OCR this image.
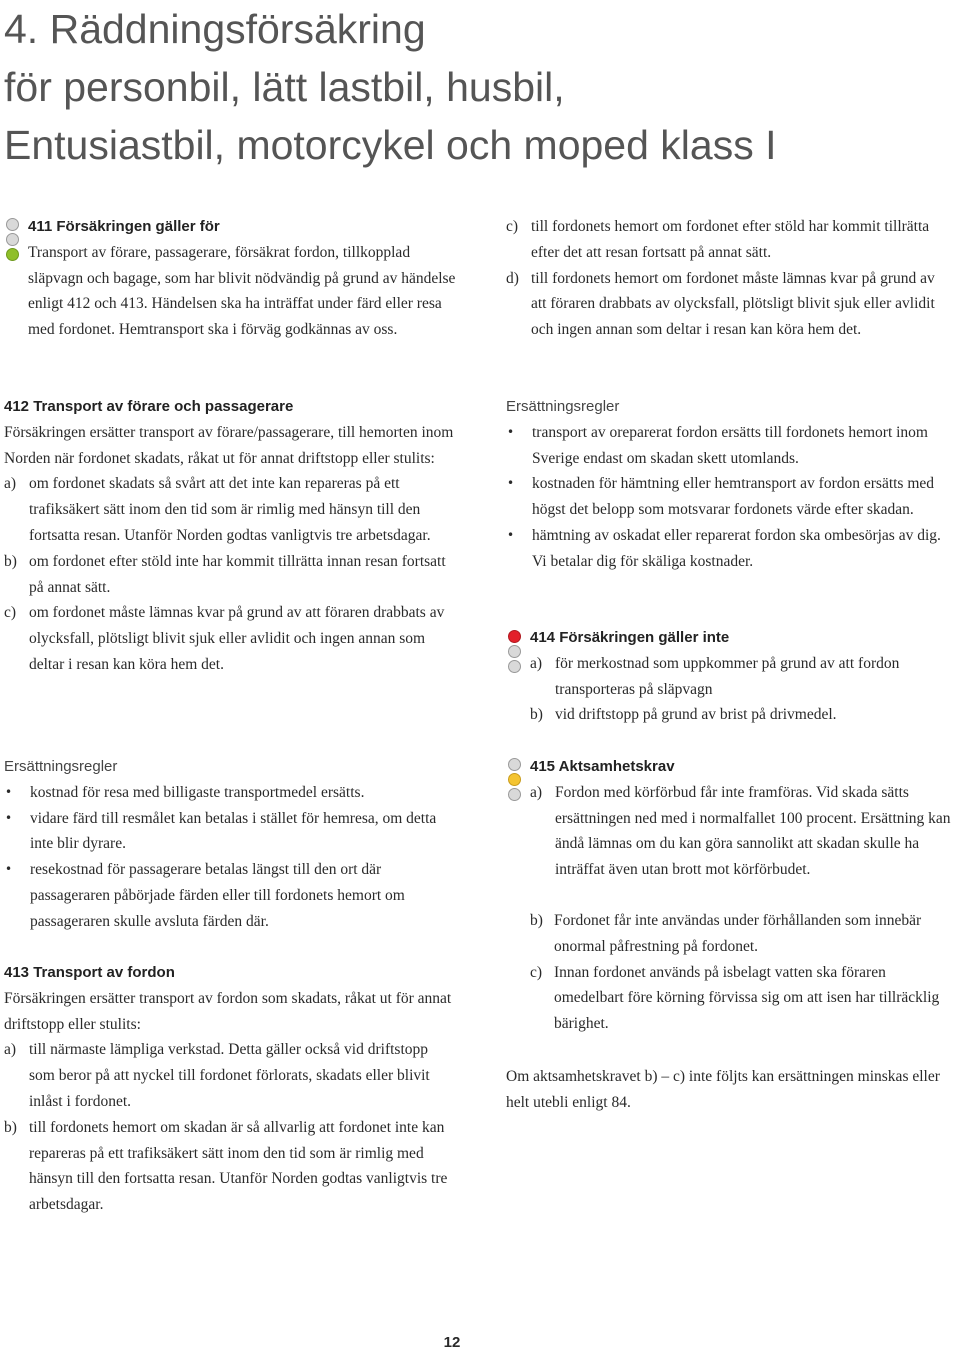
4. Räddningsförsäkring
för personbil, lätt lastbil, husbil,
Entusiastbil, motorcykel och moped klass I

411 Försäkringen gäller för

Transport av förare, passagerare, försäkrat fordon, tillkopplad släpvagn och bagage, som har blivit nödvändig på grund av händelse enligt 412 och 413. Händelsen ska ha inträffat under färd eller resa med fordonet. Hemtransport ska i förväg godkännas av oss.

412 Transport av förare och passagerare

Försäkringen ersätter transport av förare/passagerare, till hemorten inom Norden när fordonet skadats, råkat ut för annat driftstopp eller stulits:

a) om fordonet skadats så svårt att det inte kan repareras på ett trafiksäkert sätt inom den tid som är rimlig med hänsyn till den fortsatta resan. Utanför Norden godtas vanligtvis tre arbetsdagar.
b) om fordonet efter stöld inte har kommit tillrätta innan resan fortsatt på annat sätt.
c) om fordonet måste lämnas kvar på grund av att föraren drabbats av olycksfall, plötsligt blivit sjuk eller avlidit och ingen annan som deltar i resan kan köra hem det.

Ersättningsregler

• kostnad för resa med billigaste transportmedel ersätts.
• vidare färd till resmålet kan betalas i stället för hemresa, om detta inte blir dyrare.
• resekostnad för passagerare betalas längst till den ort där passageraren påbörjade färden eller till fordonets hemort om passageraren skulle avsluta färden där.

413 Transport av fordon

Försäkringen ersätter transport av fordon som skadats, råkat ut för annat driftstopp eller stulits:

a) till närmaste lämpliga verkstad. Detta gäller också vid driftstopp som beror på att nyckel till fordonet förlorats, skadats eller blivit inlåst i fordonet.
b) till fordonets hemort om skadan är så allvarlig att fordonet inte kan repareras på ett trafiksäkert sätt inom den tid som är rimlig med hänsyn till den fortsatta resan. Utanför Norden godtas vanligtvis tre arbetsdagar.
c) till fordonets hemort om fordonet efter stöld har kommit tillrätta efter det att resan fortsatt på annat sätt.
d) till fordonets hemort om fordonet måste lämnas kvar på grund av att föraren drabbats av olycksfall, plötsligt blivit sjuk eller avlidit och ingen annan som deltar i resan kan köra hem det.

Ersättningsregler

• transport av oreparerat fordon ersätts till fordonets hemort inom Sverige endast om skadan skett utomlands.
• kostnaden för hämtning eller hemtransport av fordon ersätts med högst det belopp som motsvarar fordonets värde efter skadan.
• hämtning av oskadat eller reparerat fordon ska ombesörjas av dig. Vi betalar dig för skäliga kostnader.

414 Försäkringen gäller inte

a) för merkostnad som uppkommer på grund av att fordon transporteras på släpvagn
b) vid driftstopp på grund av brist på drivmedel.

415 Aktsamhetskrav

a) Fordon med körförbud får inte framföras. Vid skada sätts ersättningen ned med i normalfallet 100 procent. Ersättning kan ändå lämnas om du kan göra sannolikt att skadan skulle ha inträffat även utan brott mot körförbudet.
b) Fordonet får inte användas under förhållanden som innebär onormal påfrestning på fordonet.
c) Innan fordonet används på isbelagt vatten ska föraren omedelbart före körning förvissa sig om att isen har tillräcklig bärighet.

Om aktsamhetskravet b) – c) inte följts kan ersättningen minskas eller helt utebli enligt 84.

12
